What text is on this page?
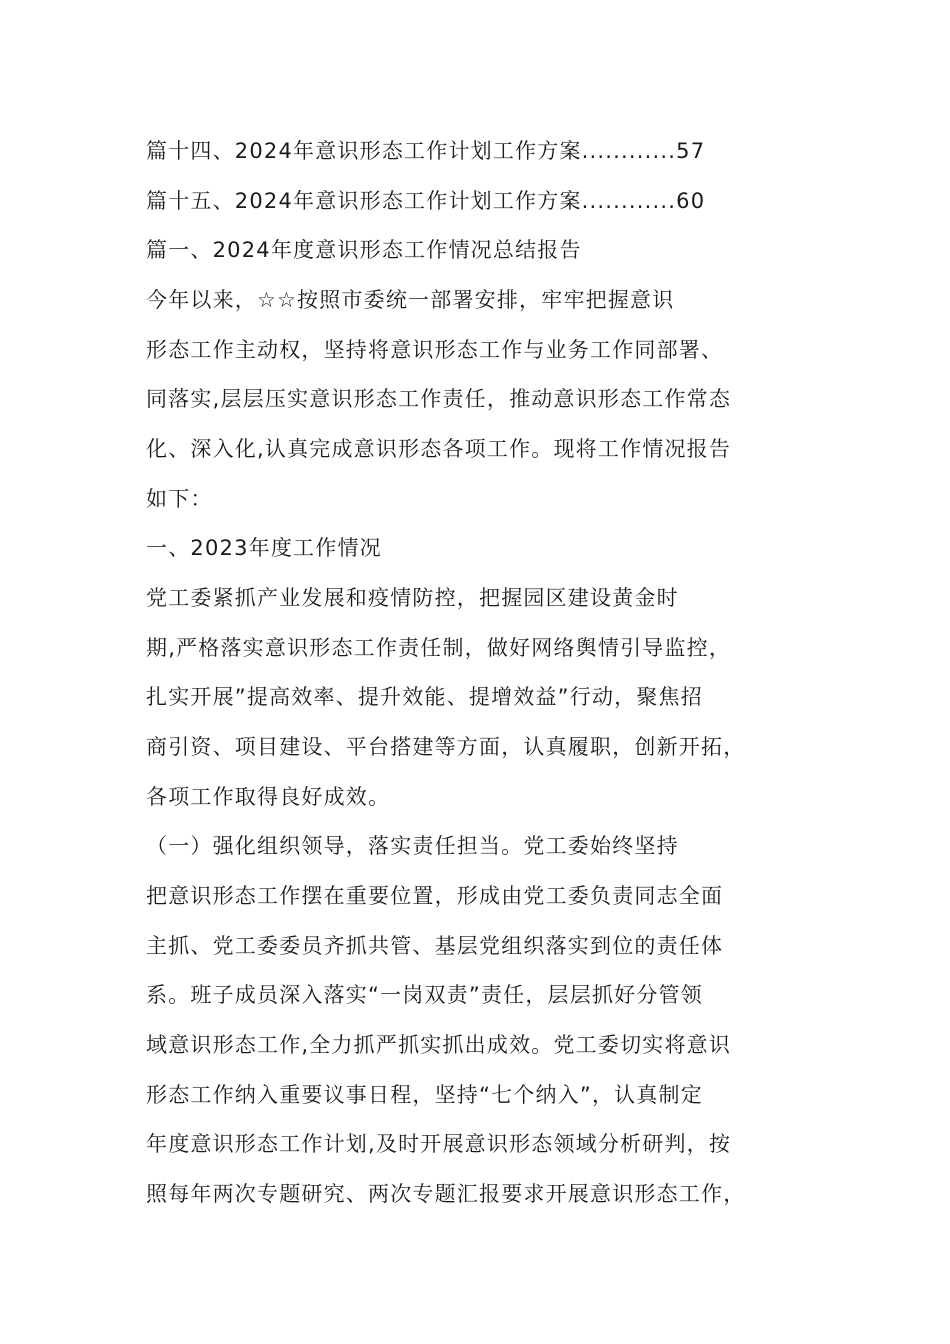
篇十四、2024年意识形态工作计划工作方案............57
篇十五、2024年意识形态工作计划工作方案............60
篇一、2024年度意识形态工作情况总结报告
今年以来，☆☆按照市委统一部署安排，牢牢把握意识
形态工作主动权，坚持将意识形态工作与业务工作同部署、
同落实,层层压实意识形态工作责任，推动意识形态工作常态
化、深入化,认真完成意识形态各项工作。现将工作情况报告
如下：
一、2023年度工作情况
党工委紧抓产业发展和疫情防控，把握园区建设黄金时
期,严格落实意识形态工作责任制，做好网络舆情引导监控，
扎实开展”提高效率、提升效能、提增效益”行动，聚焦招
商引资、项目建设、平台搭建等方面，认真履职，创新开拓，
各项工作取得良好成效。
（一）强化组织领导，落实责任担当。党工委始终坚持
把意识形态工作摆在重要位置，形成由党工委负责同志全面
主抓、党工委委员齐抓共管、基层党组织落实到位的责任体
系。班子成员深入落实“一岗双责”责任，层层抓好分管领
域意识形态工作,全力抓严抓实抓出成效。党工委切实将意识
形态工作纳入重要议事日程，坚持“七个纳入”，认真制定
年度意识形态工作计划,及时开展意识形态领域分析研判，按
照每年两次专题研究、两次专题汇报要求开展意识形态工作，
